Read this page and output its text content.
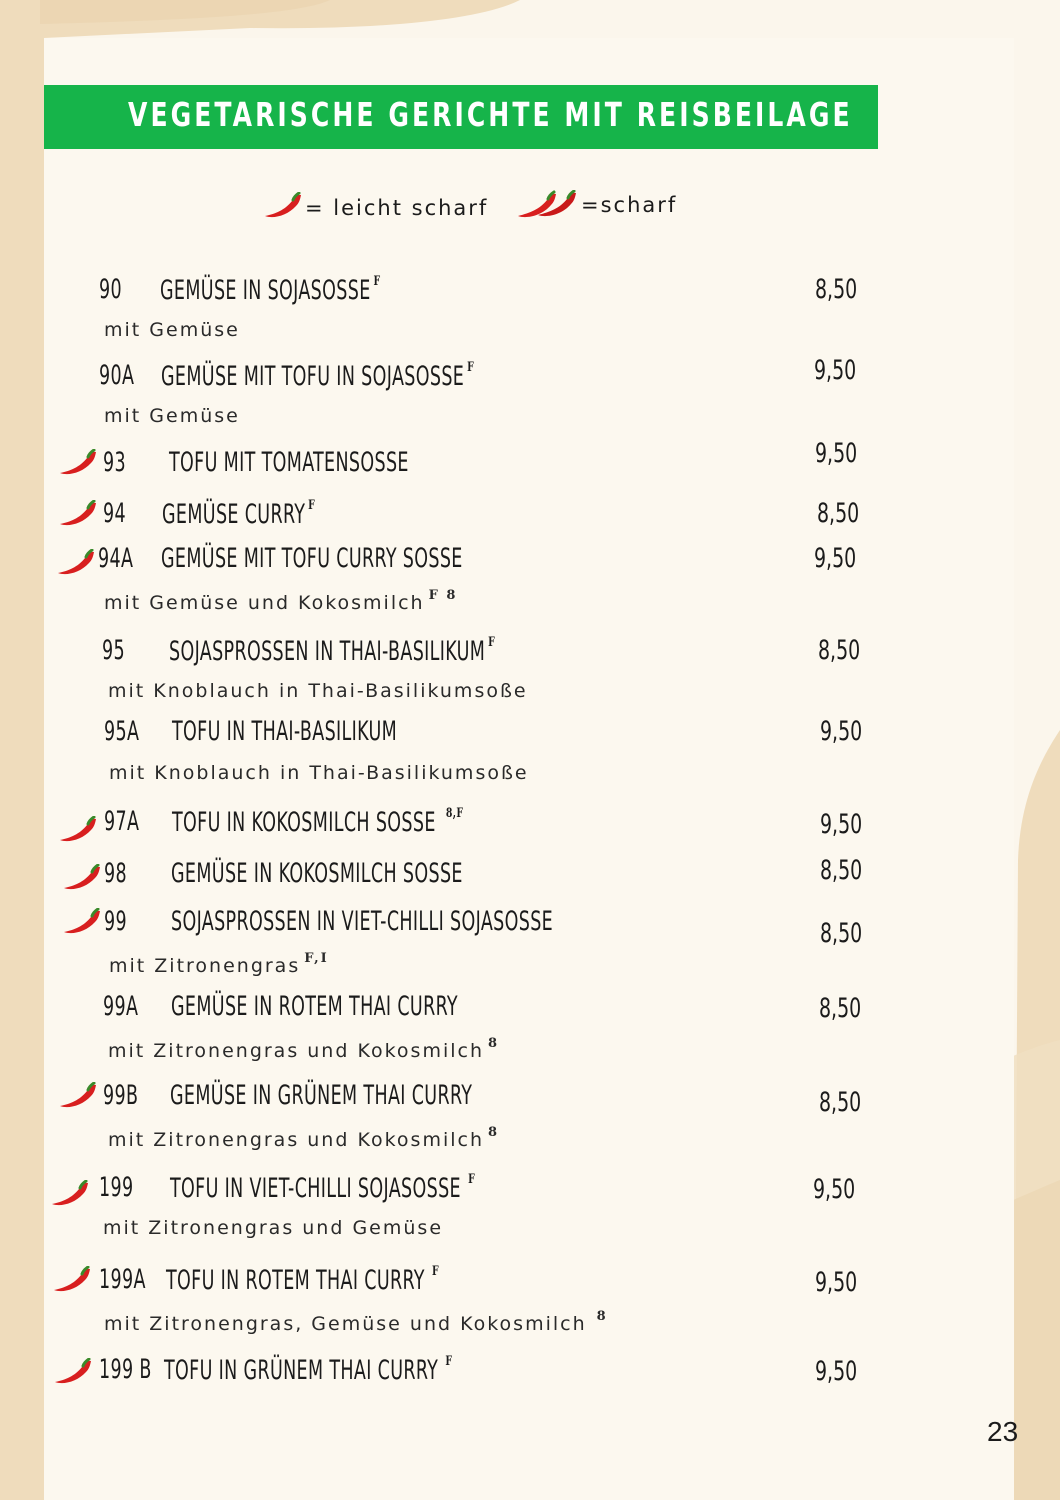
VEGETARISCHE GERICHTE MIT REISBEILAGE
= leicht scharf	=scharf
90 GEMÜSE IN SOJASOSSE $^F$	8,50
mit Gemüse
90A GEMÜSE MIT TOFU IN SOJASOSSE $^F$	9,50
mit Gemüse
93 TOFU MIT TOMATENSOSSE	9,50
94 GEMÜSE CURRY $^F$	8,50
94A GEMÜSE MIT TOFU CURRY SOSSE	9,50
mit Gemüse und Kokosmilch $^{F 8}$
95 SOJASPROSSEN IN THAI-BASILIKUM $^F$	8,50
mit Knoblauch in Thai-Basilikumsoße
95A TOFU IN THAI-BASILIKUM	9,50
mit Knoblauch in Thai-Basilikumsoße
97A TOFU IN KOKOSMILCH SOSSE $^{8,F}$	9,50
98 GEMÜSE IN KOKOSMILCH SOSSE	8,50
99 SOJASPROSSEN IN VIET-CHILLI SOJASOSSE	8,50
mit Zitronengras $^{F,I}$
99A GEMÜSE IN ROTEM THAI CURRY	8,50
mit Zitronengras und Kokosmilch $^8$
99B GEMÜSE IN GRÜNEM THAI CURRY	8,50
mit Zitronengras und Kokosmilch $^8$
199 TOFU IN VIET-CHILLI SOJASOSSE $^F$	9,50
mit Zitronengras und Gemüse
199A TOFU IN ROTEM THAI CURRY $^F$	9,50
mit Zitronengras, Gemüse und Kokosmilch $^8$
199 B TOFU IN GRÜNEM THAI CURRY $^F$	9,50
23
